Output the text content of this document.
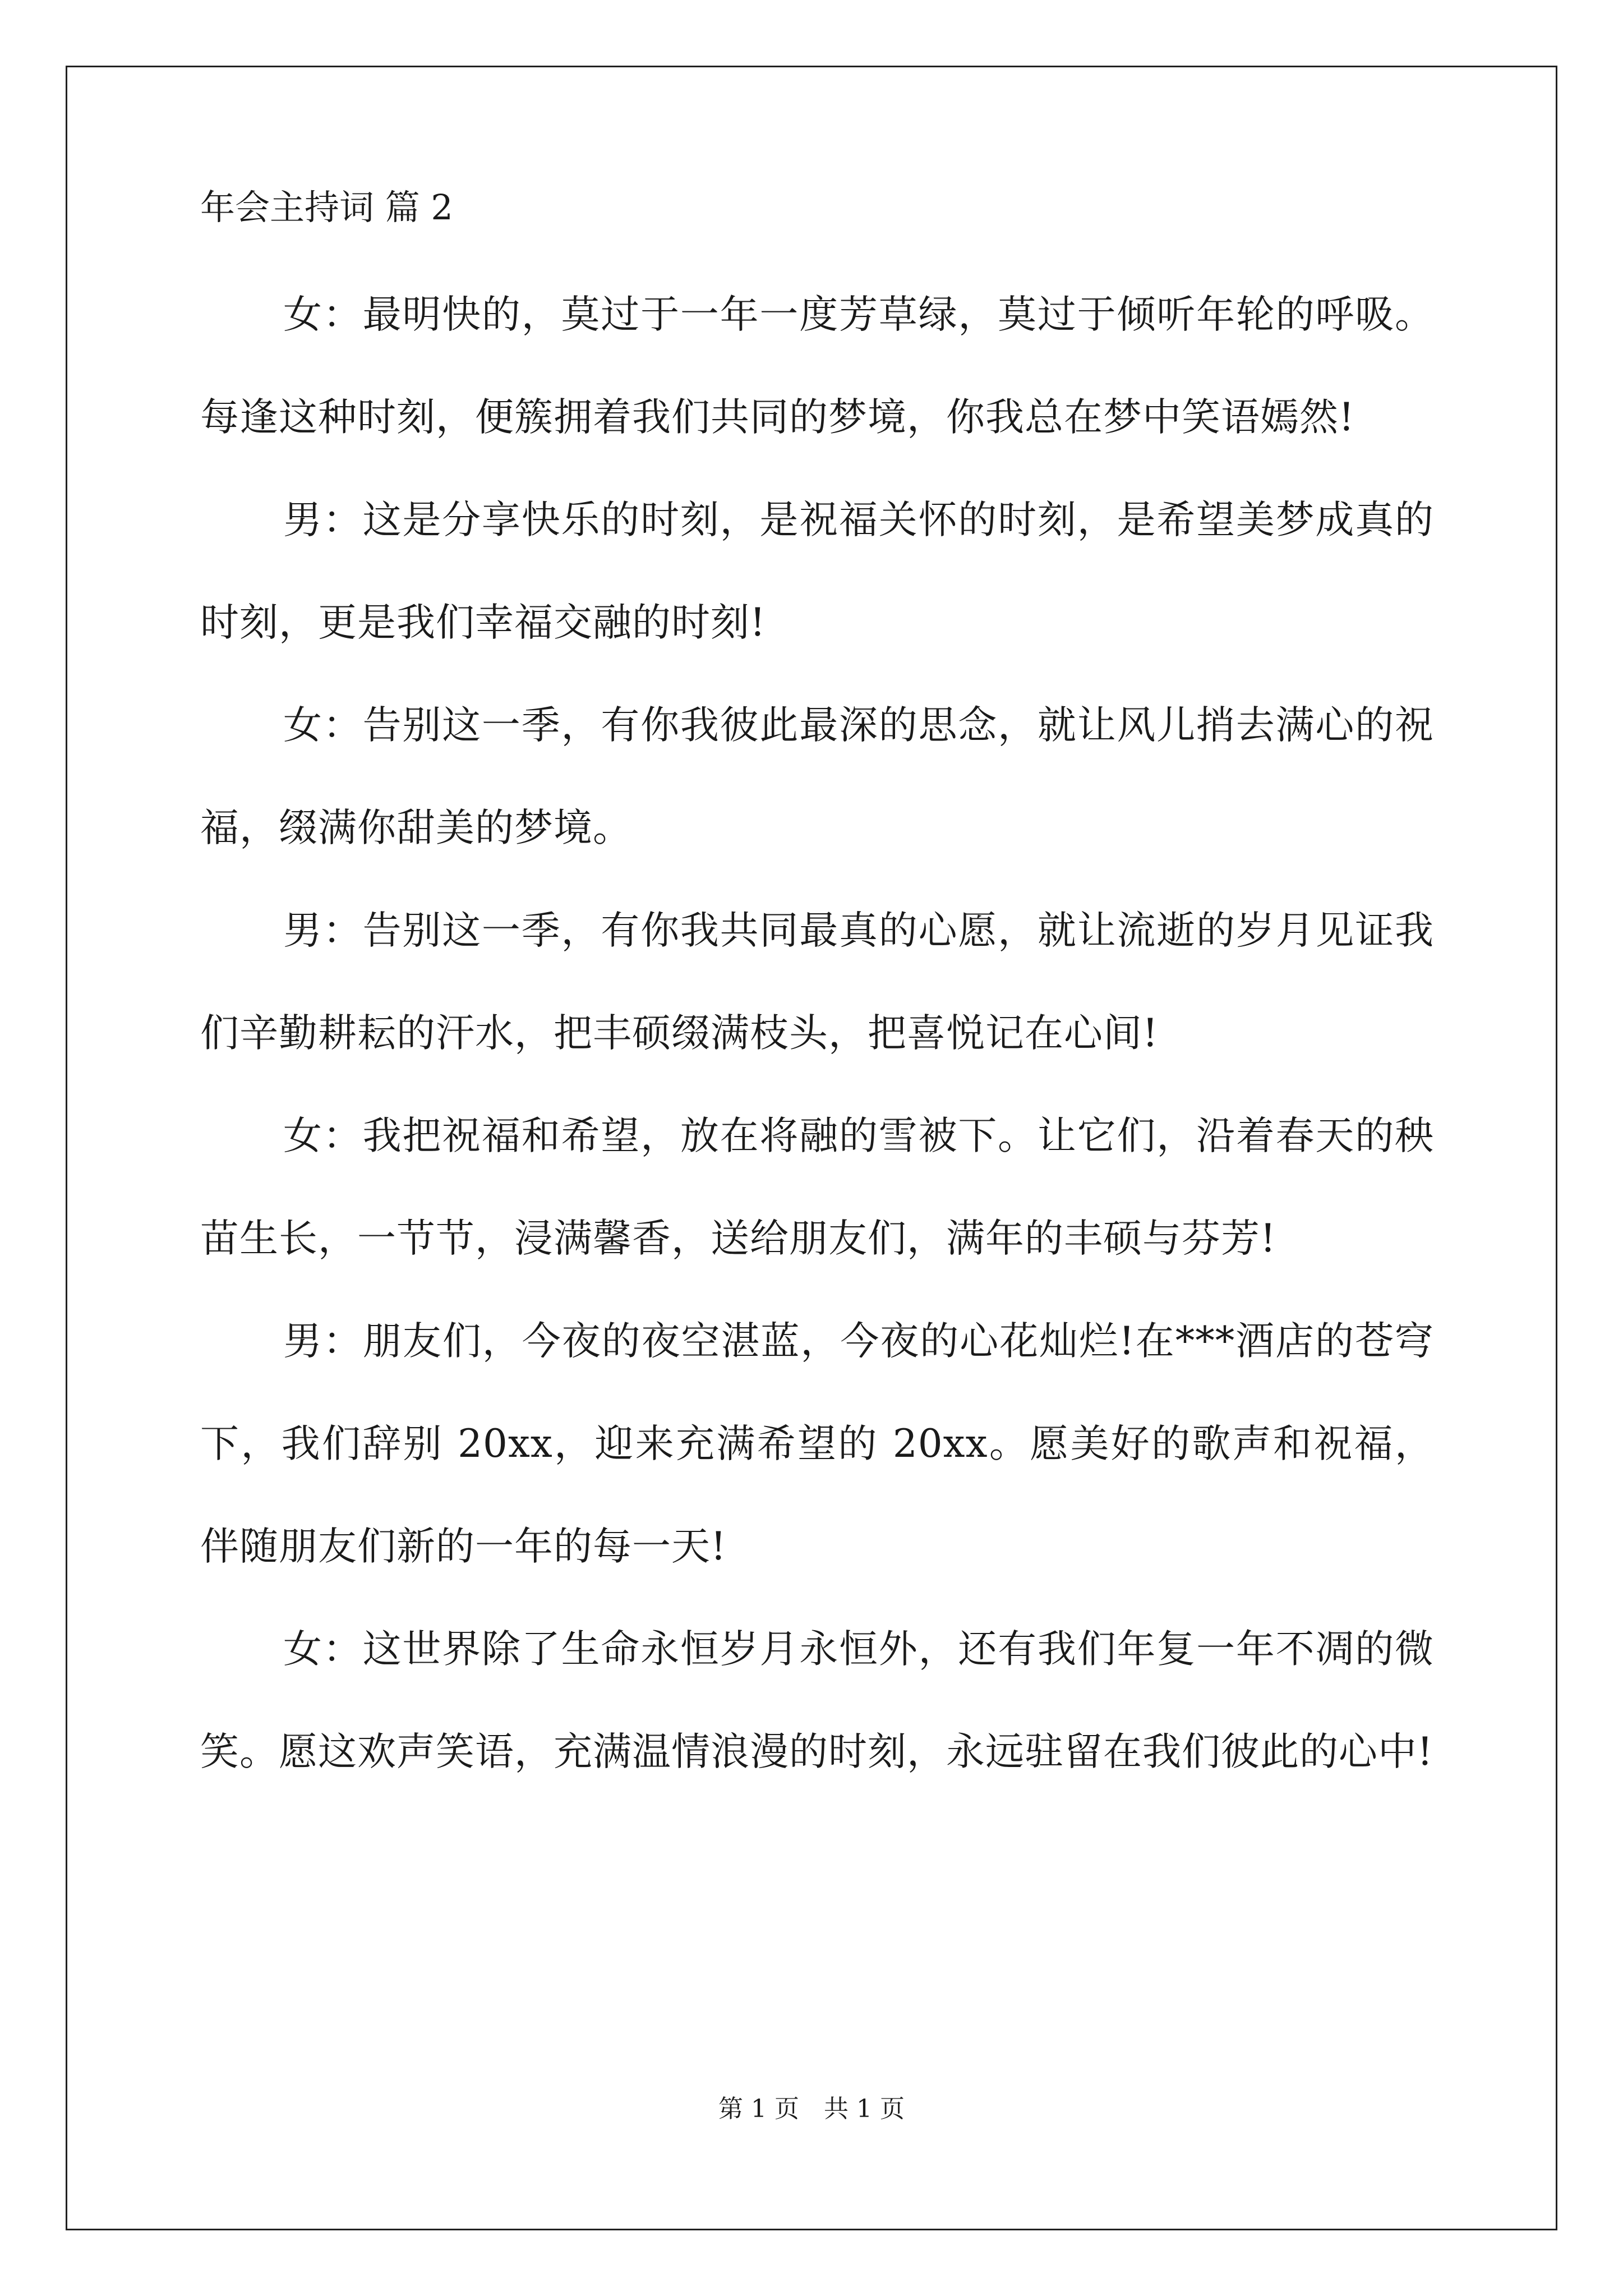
年会主持词 篇 2

女：最明快的，莫过于一年一度芳草绿，莫过于倾听年轮的呼吸。每逢这种时刻，便簇拥着我们共同的梦境，你我总在梦中笑语嫣然!

男：这是分享快乐的时刻，是祝福关怀的时刻，是希望美梦成真的时刻，更是我们幸福交融的时刻!

女：告别这一季，有你我彼此最深的思念，就让风儿捎去满心的祝福，缀满你甜美的梦境。

男：告别这一季，有你我共同最真的心愿，就让流逝的岁月见证我们辛勤耕耘的汗水，把丰硕缀满枝头，把喜悦记在心间!

女：我把祝福和希望，放在将融的雪被下。让它们，沿着春天的秧苗生长，一节节，浸满馨香，送给朋友们，满年的丰硕与芬芳!

男：朋友们，今夜的夜空湛蓝，今夜的心花灿烂!在***酒店的苍穹下，我们辞别 20xx，迎来充满希望的 20xx。愿美好的歌声和祝福，伴随朋友们新的一年的每一天!

女：这世界除了生命永恒岁月永恒外，还有我们年复一年不凋的微笑。愿这欢声笑语，充满温情浪漫的时刻，永远驻留在我们彼此的心中!

第 1 页　共 1 页
